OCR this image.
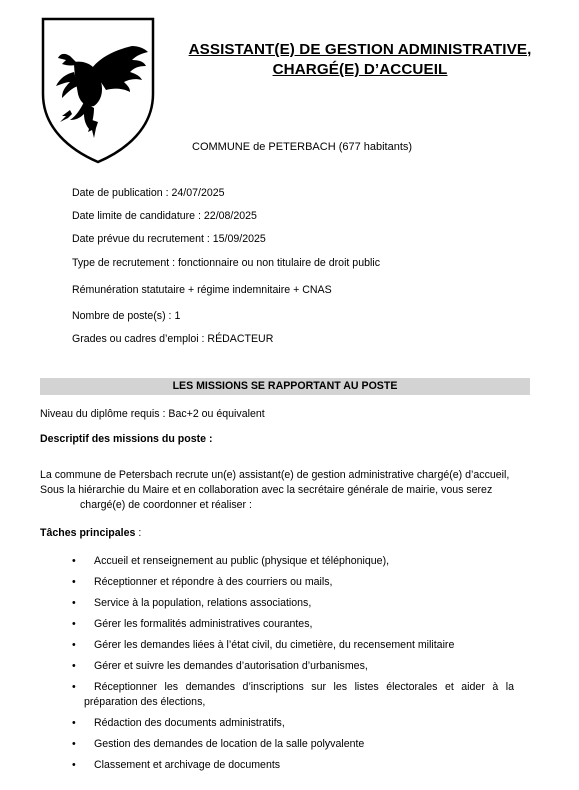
ASSISTANT(E) DE GESTION ADMINISTRATIVE,
CHARGÉ(E) D’ACCUEIL
COMMUNE de PETERBACH (677 habitants)
Date de publication : 24/07/2025
Date limite de candidature : 22/08/2025
Date prévue du recrutement : 15/09/2025
Type de recrutement : fonctionnaire ou non titulaire de droit public
Rémunération statutaire + régime indemnitaire + CNAS
Nombre de poste(s) : 1
Grades ou cadres d’emploi : RÉDACTEUR
LES MISSIONS SE RAPPORTANT AU POSTE
Niveau du diplôme requis : Bac+2 ou équivalent
Descriptif des missions du poste :
La commune de Petersbach recrute un(e) assistant(e) de gestion administrative chargé(e) d’accueil,
Sous la hiérarchie du Maire et en collaboration avec la secrétaire générale de mairie, vous serez
chargé(e) de coordonner et réaliser :
Tâches principales :
• Accueil et renseignement au public (physique et téléphonique),
• Réceptionner et répondre à des courriers ou mails,
• Service à la population, relations associations,
• Gérer les formalités administratives courantes,
• Gérer les demandes liées à l’état civil, du cimetière, du recensement militaire
• Gérer et suivre les demandes d’autorisation d’urbanismes,
• Réceptionner les demandes d’inscriptions sur les listes électorales et aider à la
préparation des élections,
• Rédaction des documents administratifs,
• Gestion des demandes de location de la salle polyvalente
• Classement et archivage de documents
